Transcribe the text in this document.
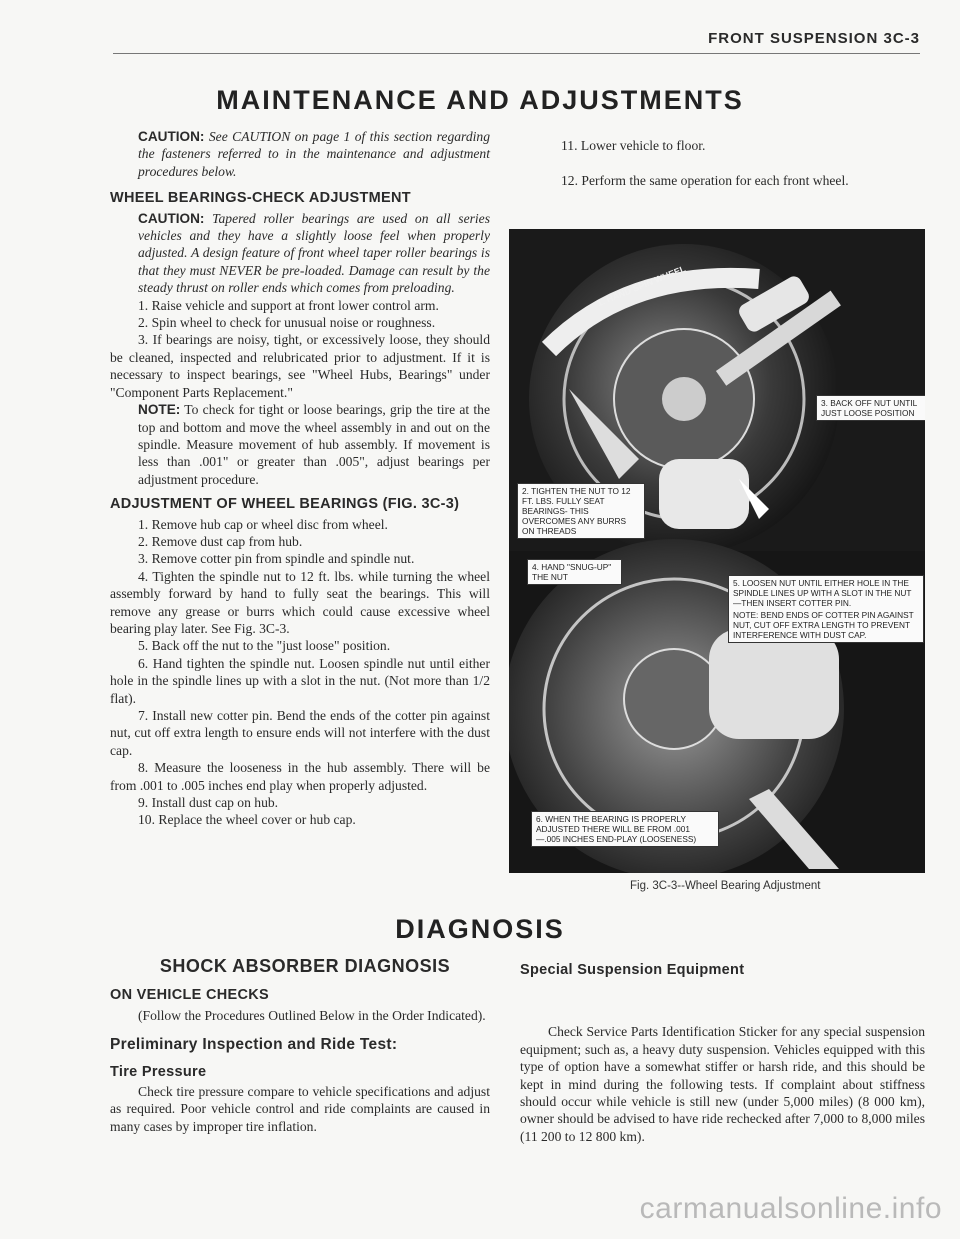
FRONT SUSPENSION 3C-3
MAINTENANCE AND ADJUSTMENTS

CAUTION: See CAUTION on page 1 of this section regarding the fasteners referred to in the maintenance and adjustment procedures below.

WHEEL BEARINGS-CHECK ADJUSTMENT

CAUTION: Tapered roller bearings are used on all series vehicles and they have a slightly loose feel when properly adjusted. A design feature of front wheel taper roller bearings is that they must NEVER be pre-loaded. Damage can result by the steady thrust on roller ends which comes from preloading.

1. Raise vehicle and support at front lower control arm.

2. Spin wheel to check for unusual noise or roughness.

3. If bearings are noisy, tight, or excessively loose, they should be cleaned, inspected and relubricated prior to adjustment. If it is necessary to inspect bearings, see "Wheel Hubs, Bearings" under "Component Parts Replacement."

NOTE: To check for tight or loose bearings, grip the tire at the top and bottom and move the wheel assembly in and out on the spindle. Measure movement of hub assembly. If movement is less than .001" or greater than .005", adjust bearings per adjustment procedure.

ADJUSTMENT OF WHEEL BEARINGS (FIG. 3C-3)

1. Remove hub cap or wheel disc from wheel.

2. Remove dust cap from hub.

3. Remove cotter pin from spindle and spindle nut.

4. Tighten the spindle nut to 12 ft. lbs. while turning the wheel assembly forward by hand to fully seat the bearings. This will remove any grease or burrs which could cause excessive wheel bearing play later. See Fig. 3C-3.

5. Back off the nut to the "just loose" position.

6. Hand tighten the spindle nut. Loosen spindle nut until either hole in the spindle lines up with a slot in the nut. (Not more than 1/2 flat).

7. Install new cotter pin. Bend the ends of the cotter pin against nut, cut off extra length to ensure ends will not interfere with the dust cap.

8. Measure the looseness in the hub assembly. There will be from .001 to .005 inches end play when properly adjusted.

9. Install dust cap on hub.

10. Replace the wheel cover or hub cap.

11. Lower vehicle to floor.

12. Perform the same operation for each front wheel.

1. HAND SPIN WHEEL
3. BACK OFF NUT UNTIL JUST LOOSE POSITION
2. TIGHTEN THE NUT TO 12 FT. LBS. FULLY SEAT BEARINGS- THIS OVERCOMES ANY BURRS ON THREADS
4. HAND "SNUG-UP" THE NUT
5. LOOSEN NUT UNTIL EITHER HOLE IN THE SPINDLE LINES UP WITH A SLOT IN THE NUT—THEN INSERT COTTER PIN.
NOTE: BEND ENDS OF COTTER PIN AGAINST NUT, CUT OFF EXTRA LENGTH TO PREVENT INTERFERENCE WITH DUST CAP.
6. WHEN THE BEARING IS PROPERLY ADJUSTED THERE WILL BE FROM .001—.005 INCHES END-PLAY (LOOSENESS)
Fig. 3C-3--Wheel Bearing Adjustment
DIAGNOSIS
SHOCK ABSORBER DIAGNOSIS
ON VEHICLE CHECKS

(Follow the Procedures Outlined Below in the Order Indicated).

Preliminary Inspection and Ride Test:
Tire Pressure

Check tire pressure compare to vehicle specifications and adjust as required. Poor vehicle control and ride complaints are caused in many cases by improper tire inflation.

Special Suspension Equipment

Check Service Parts Identification Sticker for any special suspension equipment; such as, a heavy duty suspension. Vehicles equipped with this type of option have a somewhat stiffer or harsh ride, and this should be kept in mind during the following tests. If complaint about stiffness should occur while vehicle is still new (under 5,000 miles) (8 000 km), owner should be advised to have ride rechecked after 7,000 to 8,000 miles (11 200 to 12 800 km).

carmanualsonline.info
